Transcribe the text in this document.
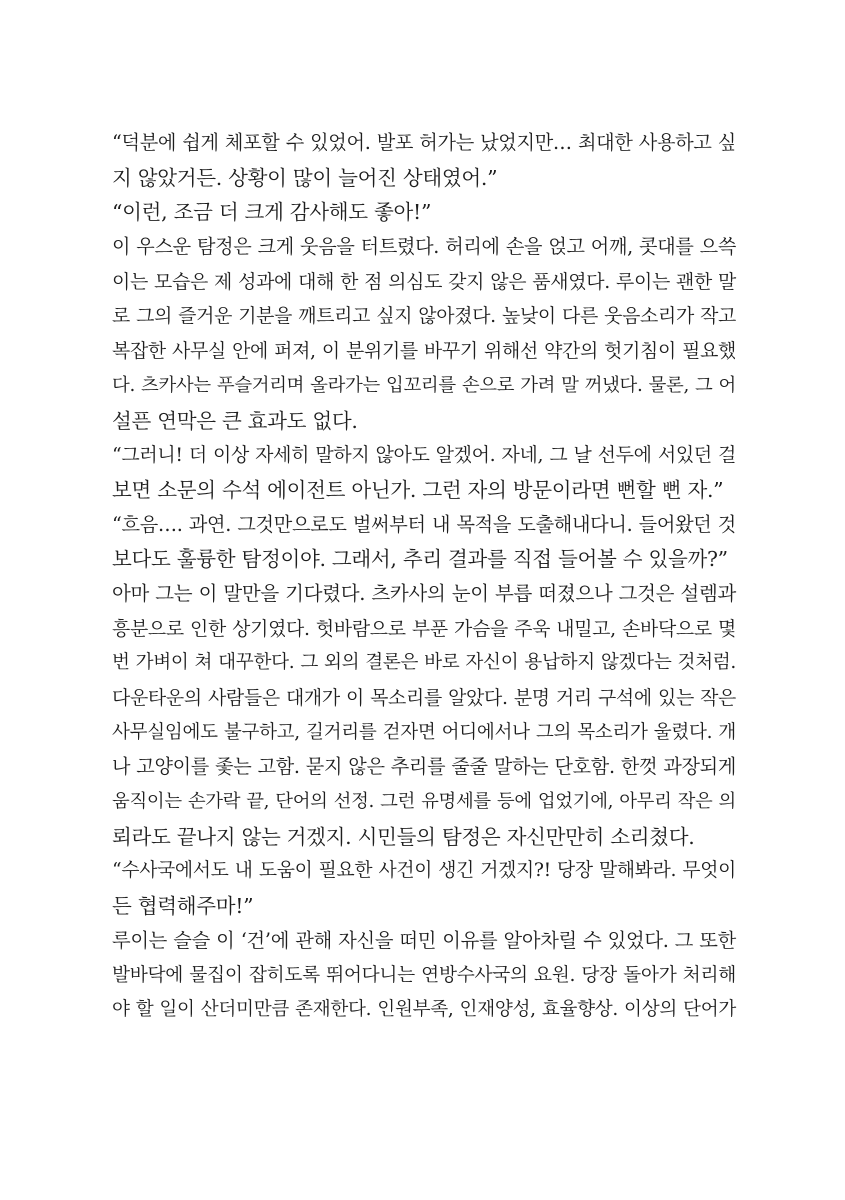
“덕분에 쉽게 체포할 수 있었어. 발포 허가는 났었지만… 최대한 사용하고 싶
지 않았거든. 상황이 많이 늘어진 상태였어.”
“이런, 조금 더 크게 감사해도 좋아!”
이 우스운 탐정은 크게 웃음을 터트렸다. 허리에 손을 얹고 어깨, 콧대를 으쓱
이는 모습은 제 성과에 대해 한 점 의심도 갖지 않은 품새였다. 루이는 괜한 말
로 그의 즐거운 기분을 깨트리고 싶지 않아졌다. 높낮이 다른 웃음소리가 작고
복잡한 사무실 안에 퍼져, 이 분위기를 바꾸기 위해선 약간의 헛기침이 필요했
다. 츠카사는 푸슬거리며 올라가는 입꼬리를 손으로 가려 말 꺼냈다. 물론, 그 어
설픈 연막은 큰 효과도 없다.
“그러니! 더 이상 자세히 말하지 않아도 알겠어. 자네, 그 날 선두에 서있던 걸
보면 소문의 수석 에이전트 아닌가. 그런 자의 방문이라면 뻔할 뻔 자.”
“흐음…. 과연. 그것만으로도 벌써부터 내 목적을 도출해내다니. 들어왔던 것
보다도 훌륭한 탐정이야. 그래서, 추리 결과를 직접 들어볼 수 있을까?”
아마 그는 이 말만을 기다렸다. 츠카사의 눈이 부릅 떠졌으나 그것은 설렘과
흥분으로 인한 상기였다. 헛바람으로 부푼 가슴을 주욱 내밀고, 손바닥으로 몇
번 가벼이 쳐 대꾸한다. 그 외의 결론은 바로 자신이 용납하지 않겠다는 것처럼.
다운타운의 사람들은 대개가 이 목소리를 알았다. 분명 거리 구석에 있는 작은
사무실임에도 불구하고, 길거리를 걷자면 어디에서나 그의 목소리가 울렸다. 개
나 고양이를 좇는 고함. 묻지 않은 추리를 줄줄 말하는 단호함. 한껏 과장되게
움직이는 손가락 끝, 단어의 선정. 그런 유명세를 등에 업었기에, 아무리 작은 의
뢰라도 끝나지 않는 거겠지. 시민들의 탐정은 자신만만히 소리쳤다.
“수사국에서도 내 도움이 필요한 사건이 생긴 거겠지?! 당장 말해봐라. 무엇이
든 협력해주마!”
루이는 슬슬 이 ‘건’에 관해 자신을 떠민 이유를 알아차릴 수 있었다. 그 또한
발바닥에 물집이 잡히도록 뛰어다니는 연방수사국의 요원. 당장 돌아가 처리해
야 할 일이 산더미만큼 존재한다. 인원부족, 인재양성, 효율향상. 이상의 단어가
